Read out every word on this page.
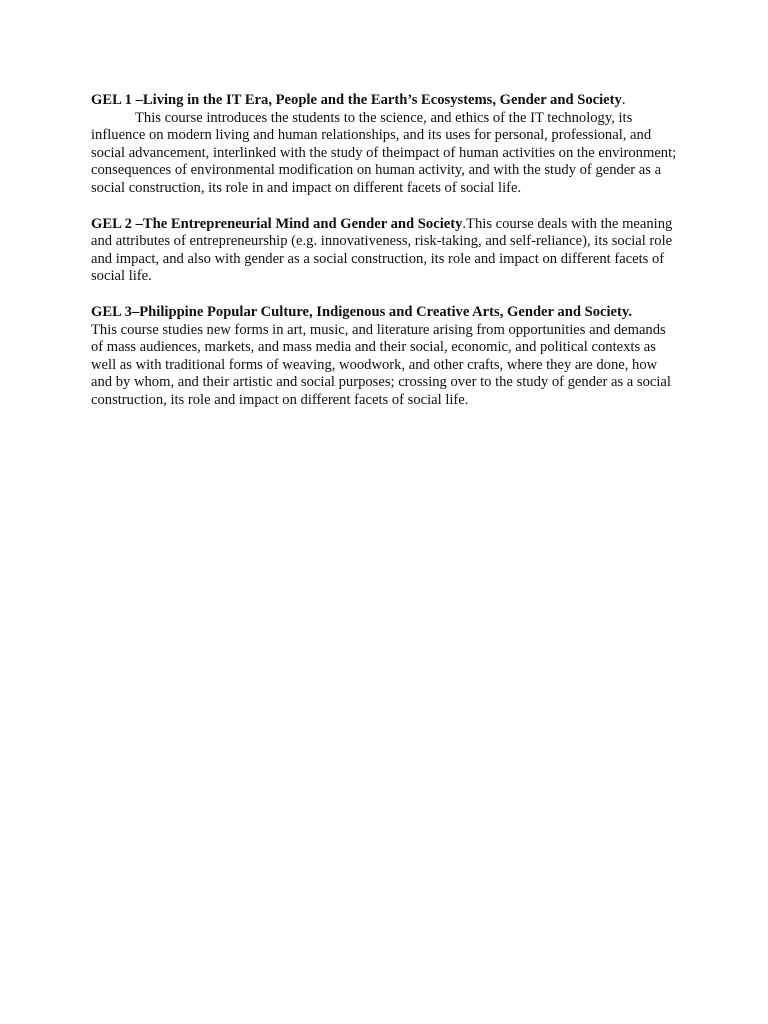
GEL 1 –Living in the IT Era, People and the Earth’s Ecosystems, Gender and Society.
This course introduces the students to the science, and ethics of the IT technology, its influence on modern living and human relationships, and its uses for personal, professional, and social advancement, interlinked with the study of theimpact of human activities on the environment; consequences of environmental modification on human activity, and with the study of gender as a social construction, its role in and impact on different facets of social life.
GEL 2 –The Entrepreneurial Mind and Gender and Society.This course deals with the meaning and attributes of entrepreneurship (e.g. innovativeness, risk-taking, and self-reliance), its social role and impact, and also with gender as a social construction, its role and impact on different facets of social life.
GEL 3–Philippine Popular Culture, Indigenous and Creative Arts, Gender and Society.
This course studies new forms in art, music, and literature arising from opportunities and demands of mass audiences, markets, and mass media and their social, economic, and political contexts as well as with traditional forms of weaving, woodwork, and other crafts, where they are done, how and by whom, and their artistic and social purposes; crossing over to the study of gender as a social construction, its role and impact on different facets of social life.
